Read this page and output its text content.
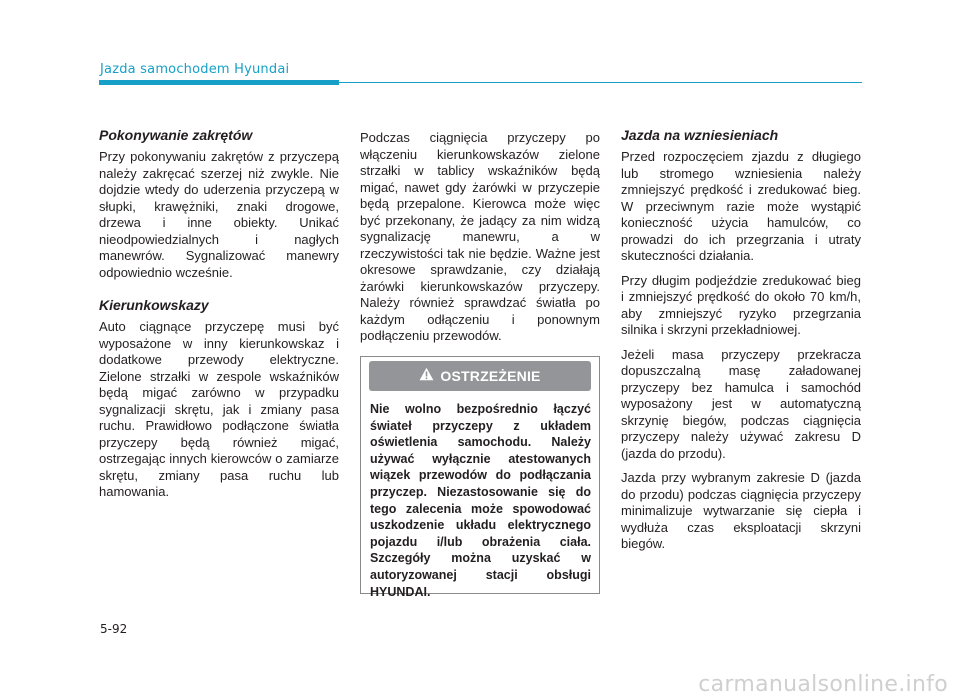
Jazda samochodem Hyundai
Pokonywanie zakrętów

Przy pokonywaniu zakrętów z przyczepą należy zakręcać szerzej niż zwykle. Nie dojdzie wtedy do uderzenia przyczepą w słupki, krawężniki, znaki drogowe, drzewa i inne obiekty. Unikać nieodpowiedzialnych i nagłych manewrów. Sygnalizować manewry odpowiednio wcześnie.

Kierunkowskazy

Auto ciągnące przyczepę musi być wyposażone w inny kierunkowskaz i dodatkowe przewody elektryczne. Zielone strzałki w zespole wskaźników będą migać zarówno w przypadku sygnalizacji skrętu, jak i zmiany pasa ruchu. Prawidłowo podłączone światła przyczepy będą również migać, ostrzegając innych kierowców o zamiarze skrętu, zmiany pasa ruchu lub hamowania.

Podczas ciągnięcia przyczepy po włączeniu kierunkowskazów zielone strzałki w tablicy wskaźników będą migać, nawet gdy żarówki w przyczepie będą przepalone. Kierowca może więc być przekonany, że jadący za nim widzą sygnalizację manewru, a w rzeczywistości tak nie będzie. Ważne jest okresowe sprawdzanie, czy działają żarówki kierunkowskazów przyczepy. Należy również sprawdzać światła po każdym odłączeniu i ponownym podłączeniu przewodów.

OSTRZEŻENIE
Nie wolno bezpośrednio łączyć świateł przyczepy z układem oświetlenia samochodu. Należy używać wyłącznie atestowanych wiązek przewodów do podłączania przyczep. Niezastosowanie się do tego zalecenia może spowodować uszkodzenie układu elektrycznego pojazdu i/lub obrażenia ciała. Szczegóły można uzyskać w autoryzowanej stacji obsługi HYUNDAI.
Jazda na wzniesieniach

Przed rozpoczęciem zjazdu z długiego lub stromego wzniesienia należy zmniejszyć prędkość i zredukować bieg. W przeciwnym razie może wystąpić konieczność użycia hamulców, co prowadzi do ich przegrzania i utraty skuteczności działania.

Przy długim podjeździe zredukować bieg i zmniejszyć prędkość do około 70 km/h, aby zmniejszyć ryzyko przegrzania silnika i skrzyni przekładniowej.

Jeżeli masa przyczepy przekracza dopuszczalną masę załadowanej przyczepy bez hamulca i samochód wyposażony jest w automatyczną skrzynię biegów, podczas ciągnięcia przyczepy należy używać zakresu D (jazda do przodu).

Jazda przy wybranym zakresie D (jazda do przodu) podczas ciągnięcia przyczepy minimalizuje wytwarzanie się ciepła i wydłuża czas eksploatacji skrzyni biegów.

5-92
carmanualsonline.info
